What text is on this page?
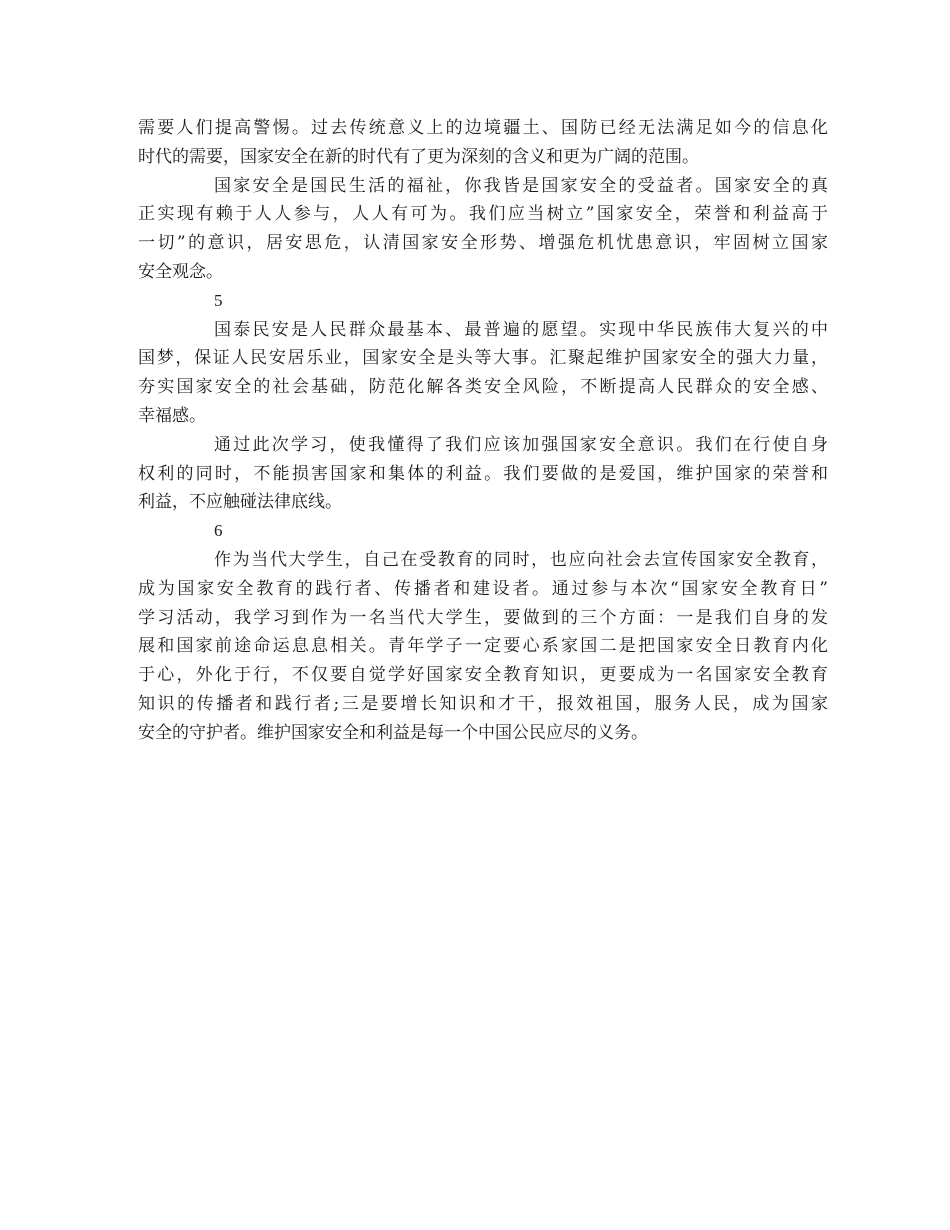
需要人们提高警惕。过去传统意义上的边境疆土、国防已经无法满足如今的信息化
时代的需要，国家安全在新的时代有了更为深刻的含义和更为广阔的范围。
国家安全是国民生活的福祉，你我皆是国家安全的受益者。国家安全的真
正实现有赖于人人参与，人人有可为。我们应当树立”国家安全，荣誉和利益高于
一切”的意识，居安思危，认清国家安全形势、增强危机忧患意识，牢固树立国家
安全观念。
5
国泰民安是人民群众最基本、最普遍的愿望。实现中华民族伟大复兴的中
国梦，保证人民安居乐业，国家安全是头等大事。汇聚起维护国家安全的强大力量，
夯实国家安全的社会基础，防范化解各类安全风险，不断提高人民群众的安全感、
幸福感。
通过此次学习，使我懂得了我们应该加强国家安全意识。我们在行使自身
权利的同时，不能损害国家和集体的利益。我们要做的是爱国，维护国家的荣誉和
利益，不应触碰法律底线。
6
作为当代大学生，自己在受教育的同时，也应向社会去宣传国家安全教育，
成为国家安全教育的践行者、传播者和建设者。通过参与本次“国家安全教育日”
学习活动，我学习到作为一名当代大学生，要做到的三个方面：一是我们自身的发
展和国家前途命运息息相关。青年学子一定要心系家国二是把国家安全日教育内化
于心，外化于行，不仅要自觉学好国家安全教育知识，更要成为一名国家安全教育
知识的传播者和践行者;三是要增长知识和才干，报效祖国，服务人民，成为国家
安全的守护者。维护国家安全和利益是每一个中国公民应尽的义务。
